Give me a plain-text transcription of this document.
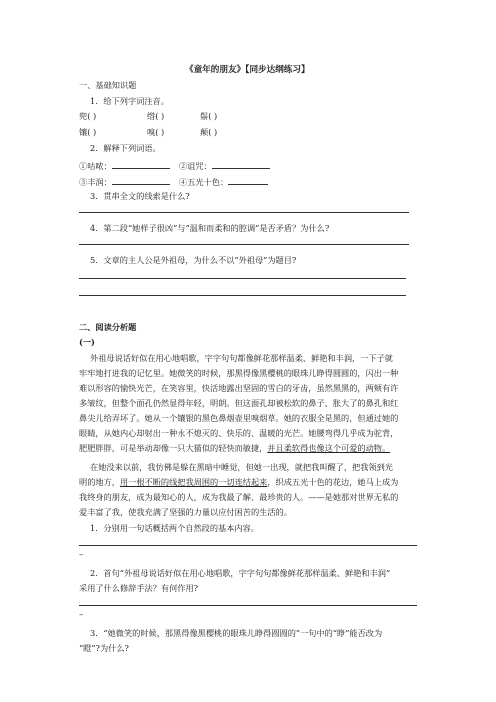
《童年的朋友》【同步达纲练习】
一、基础知识题
1．给下列字词注音。
兜( )	绺( )	鬃( )
镶( )	嗅( )	颠( )
2．解释下列词语。
①咕哝：	②诅咒：
③丰润：	④五光十色：
3．贯串全文的线索是什么?
4．第二段“她样子很凶”与“温和而柔和的腔调”是否矛盾？为什么?
5．文章的主人公是外祖母，为什么不以“外祖母”为题目?
二、阅读分析题
(一)
外祖母说话好似在用心地唱歌，字字句句都像鲜花那样温柔、鲜艳和丰润，一下子就
牢牢地打进我的记忆里。她微笑的时候，那黑得像黑樱桃的眼珠儿睁得圆圆的，闪出一种
难以形容的愉快光芒，在笑容里，快活地露出坚固的雪白的牙齿，虽然黑黑的，两颊有许
多皱纹，但整个面孔仍然显得年轻，明朗。但这面孔却被松软的鼻子、胀大了的鼻孔和红
鼻尖儿给弄坏了。她从一个镶银的黑色鼻烟壶里嗅烟草。她的衣服全是黑的，但通过她的
眼睛，从她内心却射出一种永不熄灭的、快乐的、温暖的光芒。她腰弯得几乎成为驼背，
肥肥胖胖，可是举动却像一只大猫似的轻快而敏捷，并且柔软得也像这个可爱的动物。
在她没来以前，我仿佛是躲在黑暗中睡觉，但她一出现，就把我叫醒了，把我领到光
明的地方，用一根不断的线把我周围的一切连结起来，织成五光十色的花边，她马上成为
我终身的朋友，成为最知心的人，成为我最了解、最珍贵的人。——是她那对世界无私的
爱丰富了我，使我充满了坚强的力量以应付困苦的生活的。
1．分别用一句话概括两个自然段的基本内容。
–
2．首句“外祖母说话好似在用心地唱歌，字字句句都像鲜花那样温柔、鲜艳和丰润”
采用了什么修辞手法？有何作用?
–
3．“她微笑的时候，那黑得像黑樱桃的眼珠儿睁得圆圆的”一句中的“睁”能否改为
“瞪”?为什么?
